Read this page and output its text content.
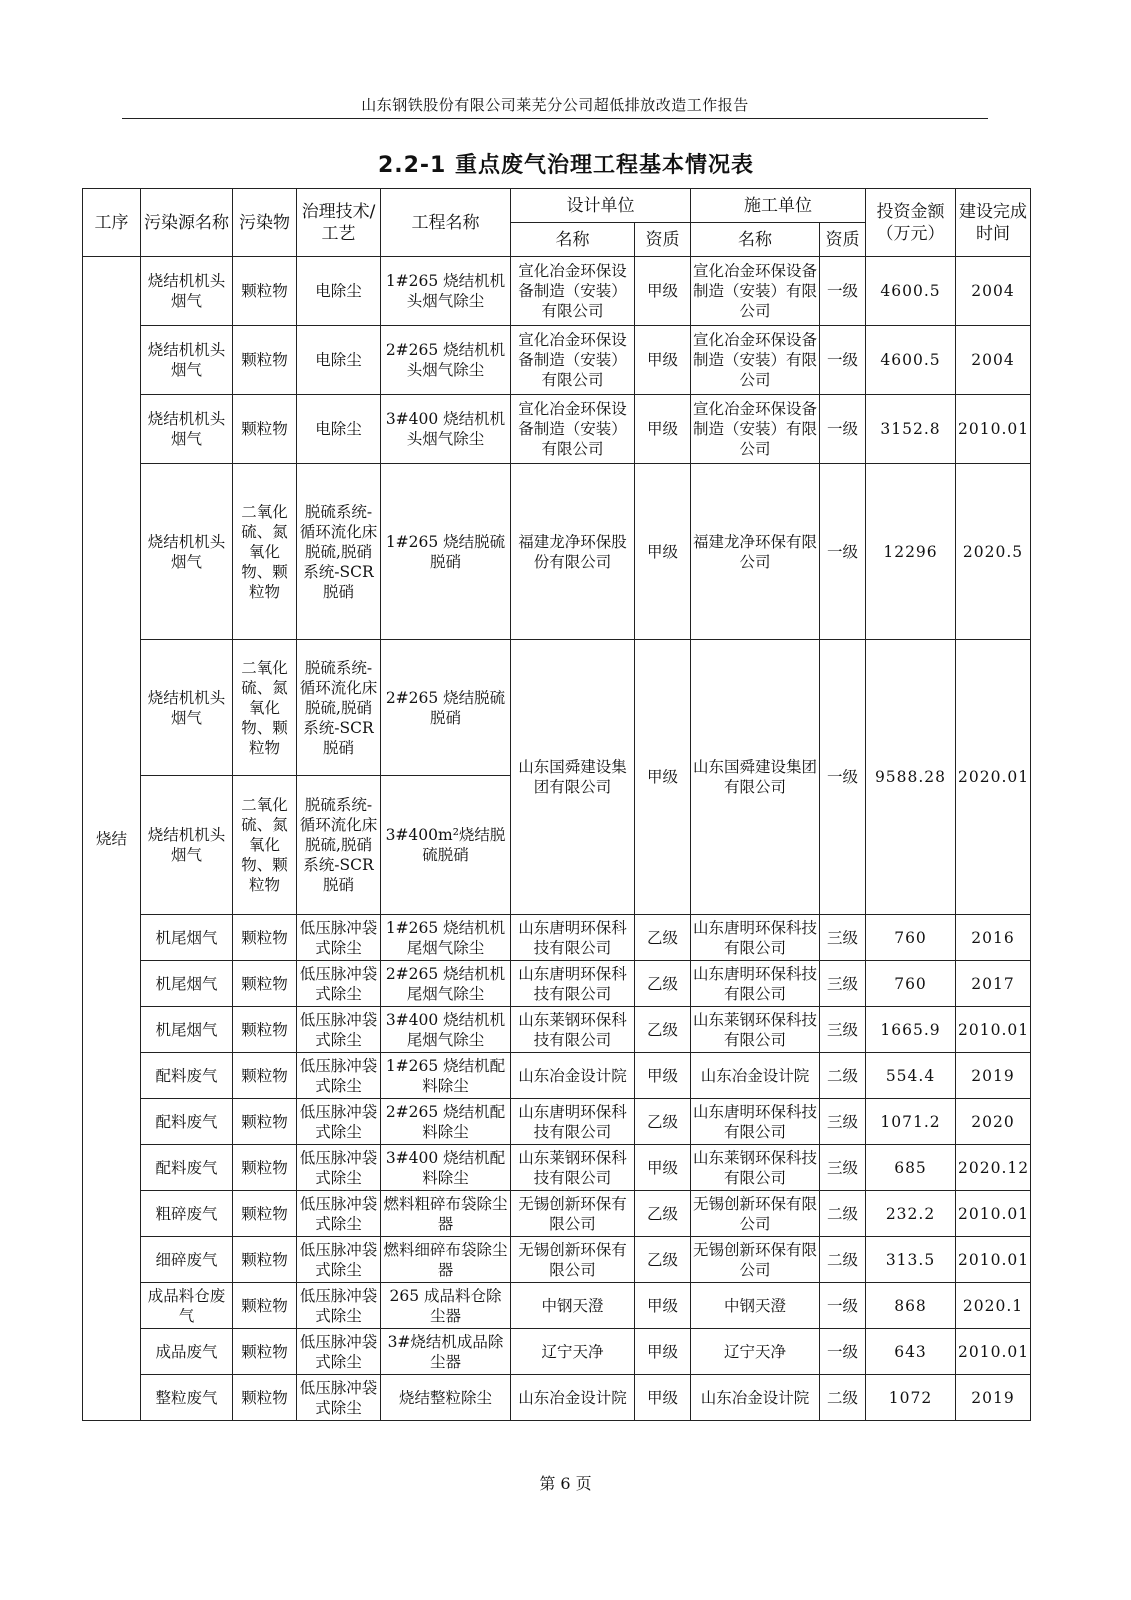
山东钢铁股份有限公司莱芜分公司超低排放改造工作报告
2.2-1 重点废气治理工程基本情况表
工序	污染源名称	污染物	治理技术/工艺	工程名称	设计单位		施工单位		投资金额（万元）	建设完成时间
					名称	资质	名称	资质		
烧结	烧结机机头烟气	颗粒物	电除尘	1#265 烧结机机头烟气除尘	宣化冶金环保设备制造（安装）有限公司	甲级	宣化冶金环保设备制造（安装）有限公司	一级	4600.5	2004
	烧结机机头烟气	颗粒物	电除尘	2#265 烧结机机头烟气除尘	宣化冶金环保设备制造（安装）有限公司	甲级	宣化冶金环保设备制造（安装）有限公司	一级	4600.5	2004
	烧结机机头烟气	颗粒物	电除尘	3#400 烧结机机头烟气除尘	宣化冶金环保设备制造（安装）有限公司	甲级	宣化冶金环保设备制造（安装）有限公司	一级	3152.8	2010.01
	烧结机机头烟气	二氧化硫、氮氧化物、颗粒物	脱硫系统-循环流化床脱硫,脱硝系统-SCR脱硝	1#265 烧结脱硫脱硝	福建龙净环保股份有限公司	甲级	福建龙净环保有限公司	一级	12296	2020.5
	烧结机机头烟气	二氧化硫、氮氧化物、颗粒物	脱硫系统-循环流化床脱硫,脱硝系统-SCR脱硝	2#265 烧结脱硫脱硝	山东国舜建设集团有限公司	甲级	山东国舜建设集团有限公司	一级	9588.28	2020.01
	烧结机机头烟气	二氧化硫、氮氧化物、颗粒物	脱硫系统-循环流化床脱硫,脱硝系统-SCR脱硝	3#400m²烧结脱硫脱硝						
	机尾烟气	颗粒物	低压脉冲袋式除尘	1#265 烧结机机尾烟气除尘	山东唐明环保科技有限公司	乙级	山东唐明环保科技有限公司	三级	760	2016
	机尾烟气	颗粒物	低压脉冲袋式除尘	2#265 烧结机机尾烟气除尘	山东唐明环保科技有限公司	乙级	山东唐明环保科技有限公司	三级	760	2017
	机尾烟气	颗粒物	低压脉冲袋式除尘	3#400 烧结机机尾烟气除尘	山东莱钢环保科技有限公司	乙级	山东莱钢环保科技有限公司	三级	1665.9	2010.01
	配料废气	颗粒物	低压脉冲袋式除尘	1#265 烧结机配料除尘	山东冶金设计院	甲级	山东冶金设计院	二级	554.4	2019
	配料废气	颗粒物	低压脉冲袋式除尘	2#265 烧结机配料除尘	山东唐明环保科技有限公司	乙级	山东唐明环保科技有限公司	三级	1071.2	2020
	配料废气	颗粒物	低压脉冲袋式除尘	3#400 烧结机配料除尘	山东莱钢环保科技有限公司	甲级	山东莱钢环保科技有限公司	三级	685	2020.12
	粗碎废气	颗粒物	低压脉冲袋式除尘	燃料粗碎布袋除尘器	无锡创新环保有限公司	乙级	无锡创新环保有限公司	二级	232.2	2010.01
	细碎废气	颗粒物	低压脉冲袋式除尘	燃料细碎布袋除尘器	无锡创新环保有限公司	乙级	无锡创新环保有限公司	二级	313.5	2010.01
	成品料仓废气	颗粒物	低压脉冲袋式除尘	265 成品料仓除尘器	中钢天澄	甲级	中钢天澄	一级	868	2020.1
	成品废气	颗粒物	低压脉冲袋式除尘	3#烧结机成品除尘器	辽宁天净	甲级	辽宁天净	一级	643	2010.01
	整粒废气	颗粒物	低压脉冲袋式除尘	烧结整粒除尘	山东冶金设计院	甲级	山东冶金设计院	二级	1072	2019
第 6 页
